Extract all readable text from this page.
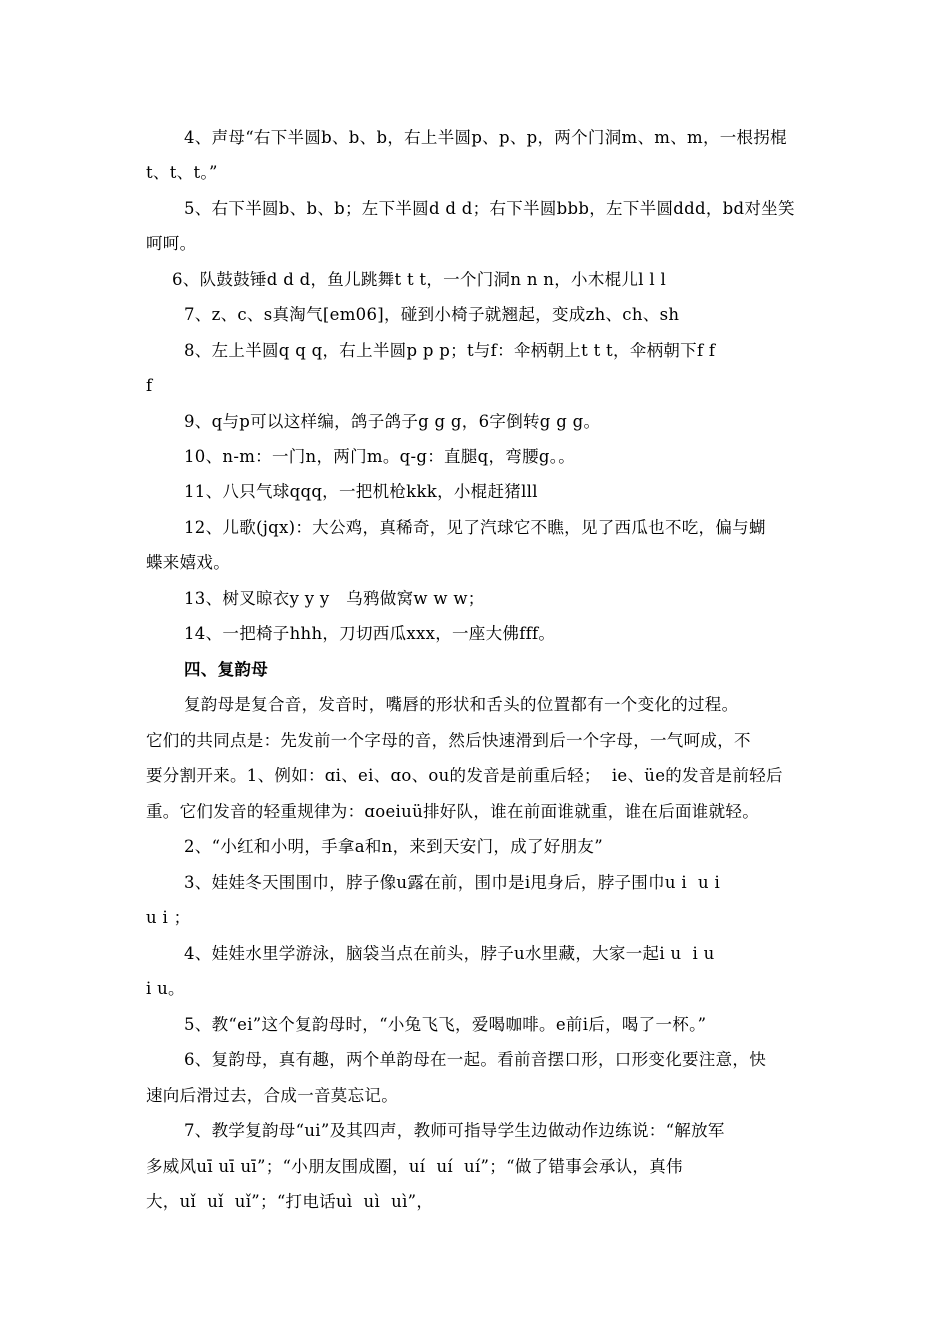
4、声母“右下半圆b、b、b，右上半圆p、p、p，两个门洞m、m、m，一根拐棍
t、t、t。”
5、右下半圆b、b、b；左下半圆d d d；右下半圆bbb，左下半圆ddd，bd对坐笑
呵呵。
6、队鼓鼓锤d d d，鱼儿跳舞t t t，一个门洞n n n，小木棍儿l l l
7、z、c、s真淘气[em06]，碰到小椅子就翘起，变成zh、ch、sh
8、左上半圆q q q，右上半圆p p p；t与f：伞柄朝上t t t，伞柄朝下f f
f
9、q与p可以这样编，鸽子鸽子g g g，6字倒转g g g。
10、n-m：一门n，两门m。q-g：直腿q，弯腰g。。
11、八只气球qqq，一把机枪kkk，小棍赶猪lll
12、儿歌(jqx)：大公鸡，真稀奇，见了汽球它不瞧，见了西瓜也不吃，偏与蝴
蝶来嬉戏。
13、树叉晾衣y y y   乌鸦做窝w w w；
14、一把椅子hhh，刀切西瓜xxx，一座大佛fff。
四、复韵母
复韵母是复合音，发音时，嘴唇的形状和舌头的位置都有一个变化的过程。
它们的共同点是：先发前一个字母的音，然后快速滑到后一个字母，一气呵成，不
要分割开来。1、例如：ɑi、ei、ɑo、ou的发音是前重后轻；  ie、üe的发音是前轻后
重。它们发音的轻重规律为：ɑoeiuü排好队，谁在前面谁就重，谁在后面谁就轻。
2、“小红和小明，手拿a和n，来到天安门，成了好朋友”
3、娃娃冬天围围巾，脖子像u露在前，围巾是i甩身后，脖子围巾u i  u i
u i ；
4、娃娃水里学游泳，脑袋当点在前头，脖子u水里藏，大家一起i u  i u
i u。
5、教“ei”这个复韵母时，“小兔飞飞，爱喝咖啡。e前i后，喝了一杯。”
6、复韵母，真有趣，两个单韵母在一起。看前音摆口形，口形变化要注意，快
速向后滑过去，合成一音莫忘记。
7、教学复韵母“ui”及其四声，教师可指导学生边做动作边练说：“解放军
多威风uī uī uī”；“小朋友围成圈，uí  uí  uí”；“做了错事会承认，真伟
大，uǐ  uǐ  uǐ”；“打电话uì  uì  uì”，
